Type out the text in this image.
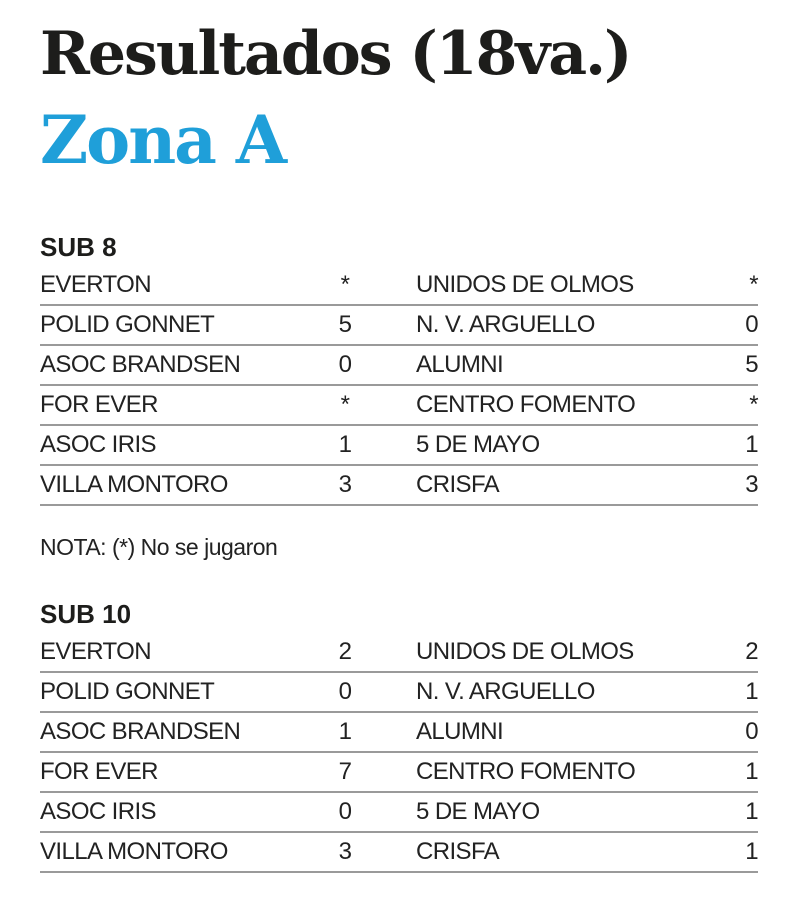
Resultados (18va.)
Zona A
SUB 8
EVERTON	*	UNIDOS DE OLMOS	*
POLID GONNET	5	N. V. ARGUELLO	0
ASOC BRANDSEN	0	ALUMNI	5
FOR EVER	*	CENTRO FOMENTO	*
ASOC IRIS	1	5 DE MAYO	1
VILLA MONTORO	3	CRISFA	3
NOTA: (*) No se jugaron
SUB 10
EVERTON	2	UNIDOS DE OLMOS	2
POLID GONNET	0	N. V. ARGUELLO	1
ASOC BRANDSEN	1	ALUMNI	0
FOR EVER	7	CENTRO FOMENTO	1
ASOC IRIS	0	5 DE MAYO	1
VILLA MONTORO	3	CRISFA	1
